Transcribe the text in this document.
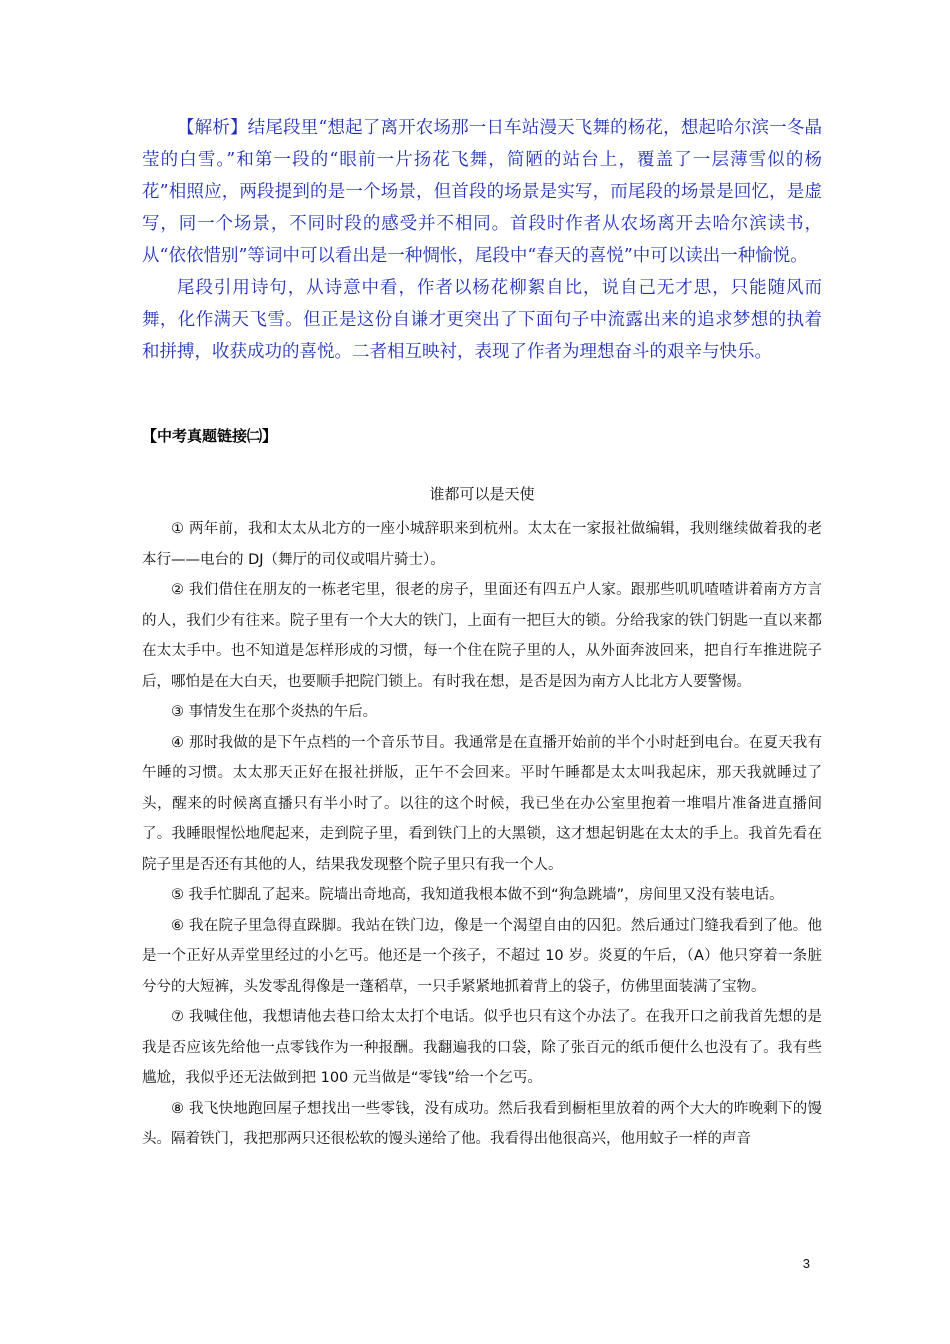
【解析】结尾段里“想起了离开农场那一日车站漫天飞舞的杨花，想起哈尔滨一冬晶莹的白雪。”和第一段的“眼前一片扬花飞舞，简陋的站台上，覆盖了一层薄雪似的杨花”相照应，两段提到的是一个场景，但首段的场景是实写，而尾段的场景是回忆，是虚写，同一个场景，不同时段的感受并不相同。首段时作者从农场离开去哈尔滨读书，从“依依惜别”等词中可以看出是一种惆怅，尾段中“春天的喜悦”中可以读出一种愉悦。

尾段引用诗句，从诗意中看，作者以杨花柳絮自比，说自己无才思，只能随风而舞，化作满天飞雪。但正是这份自谦才更突出了下面句子中流露出来的追求梦想的执着和拼搏，收获成功的喜悦。二者相互映衬，表现了作者为理想奋斗的艰辛与快乐。

【中考真题链接㈡】
谁都可以是天使

① 两年前，我和太太从北方的一座小城辞职来到杭州。太太在一家报社做编辑，我则继续做着我的老本行——电台的 DJ（舞厅的司仪或唱片骑士）。

② 我们借住在朋友的一栋老宅里，很老的房子，里面还有四五户人家。跟那些叽叽喳喳讲着南方方言的人，我们少有往来。院子里有一个大大的铁门，上面有一把巨大的锁。分给我家的铁门钥匙一直以来都在太太手中。也不知道是怎样形成的习惯，每一个住在院子里的人，从外面奔波回来，把自行车推进院子后，哪怕是在大白天，也要顺手把院门锁上。有时我在想，是否是因为南方人比北方人要警惕。

③ 事情发生在那个炎热的午后。

④ 那时我做的是下午点档的一个音乐节目。我通常是在直播开始前的半个小时赶到电台。在夏天我有午睡的习惯。太太那天正好在报社拼版，正午不会回来。平时午睡都是太太叫我起床，那天我就睡过了头，醒来的时候离直播只有半小时了。以往的这个时候，我已坐在办公室里抱着一堆唱片准备进直播间了。我睡眼惺忪地爬起来，走到院子里，看到铁门上的大黑锁，这才想起钥匙在太太的手上。我首先看在院子里是否还有其他的人，结果我发现整个院子里只有我一个人。

⑤ 我手忙脚乱了起来。院墙出奇地高，我知道我根本做不到“狗急跳墙”，房间里又没有装电话。

⑥ 我在院子里急得直跺脚。我站在铁门边，像是一个渴望自由的囚犯。然后通过门缝我看到了他。他是一个正好从弄堂里经过的小乞丐。他还是一个孩子，不超过 10 岁。炎夏的午后，（A）他只穿着一条脏兮兮的大短裤，头发零乱得像是一蓬稻草，一只手紧紧地抓着背上的袋子，仿佛里面装满了宝物。

⑦ 我喊住他，我想请他去巷口给太太打个电话。似乎也只有这个办法了。在我开口之前我首先想的是我是否应该先给他一点零钱作为一种报酬。我翻遍我的口袋，除了张百元的纸币便什么也没有了。我有些尴尬，我似乎还无法做到把 100 元当做是“零钱”给一个乞丐。

⑧ 我飞快地跑回屋子想找出一些零钱，没有成功。然后我看到橱柜里放着的两个大大的昨晚剩下的馒头。隔着铁门，我把那两只还很松软的馒头递给了他。我看得出他很高兴，他用蚊子一样的声音

3
